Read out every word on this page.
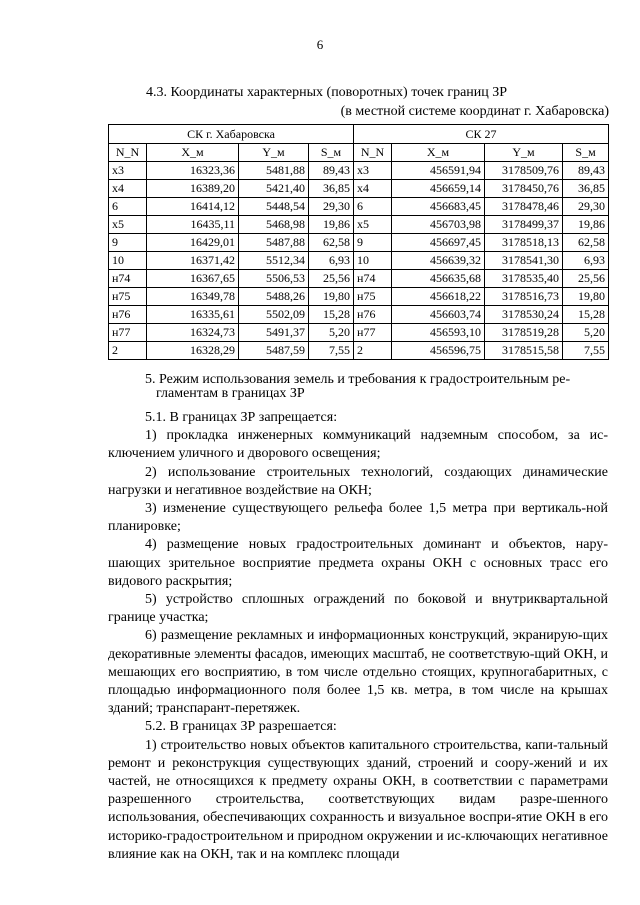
6
4.3. Координаты характерных (поворотных) точек границ ЗР
(в местной системе координат г. Хабаровска)
СК г. Хабаровска				СК 27			
N_N	X_м	Y_м	S_м	N_N	X_м	Y_м	S_м
х3	16323,36	5481,88	89,43	х3	456591,94	3178509,76	89,43
х4	16389,20	5421,40	36,85	х4	456659,14	3178450,76	36,85
6	16414,12	5448,54	29,30	6	456683,45	3178478,46	29,30
х5	16435,11	5468,98	19,86	х5	456703,98	3178499,37	19,86
9	16429,01	5487,88	62,58	9	456697,45	3178518,13	62,58
10	16371,42	5512,34	6,93	10	456639,32	3178541,30	6,93
н74	16367,65	5506,53	25,56	н74	456635,68	3178535,40	25,56
н75	16349,78	5488,26	19,80	н75	456618,22	3178516,73	19,80
н76	16335,61	5502,09	15,28	н76	456603,74	3178530,24	15,28
н77	16324,73	5491,37	5,20	н77	456593,10	3178519,28	5,20
2	16328,29	5487,59	7,55	2	456596,75	3178515,58	7,55

5. Режим использования земель и требования к градостроительным ре-
гламентам в границах ЗР

5.1. В границах ЗР запрещается:

1) прокладка инженерных коммуникаций надземным способом, за ис-ключением уличного и дворового освещения;

2) использование строительных технологий, создающих динамические нагрузки и негативное воздействие на ОКН;

3) изменение существующего рельефа более 1,5 метра при вертикаль-ной планировке;

4) размещение новых градостроительных доминант и объектов, нару-шающих зрительное восприятие предмета охраны ОКН с основных трасс его видового раскрытия;

5) устройство сплошных ограждений по боковой и внутриквартальной границе участка;

6) размещение рекламных и информационных конструкций, экранирую-щих декоративные элементы фасадов, имеющих масштаб, не соответствую-щий ОКН, и мешающих его восприятию, в том числе отдельно стоящих, крупногабаритных, с площадью информационного поля более 1,5 кв. метра, в том числе на крышах зданий; транспарант-перетяжек.

5.2. В границах ЗР разрешается:

1) строительство новых объектов капитального строительства, капи-тальный ремонт и реконструкция существующих зданий, строений и соору-жений и их частей, не относящихся к предмету охраны ОКН, в соответствии с параметрами разрешенного строительства, соответствующих видам разре-шенного использования, обеспечивающих сохранность и визуальное воспри-ятие ОКН в его историко-градостроительном и природном окружении и ис-ключающих негативное влияние как на ОКН, так и на комплекс площади
